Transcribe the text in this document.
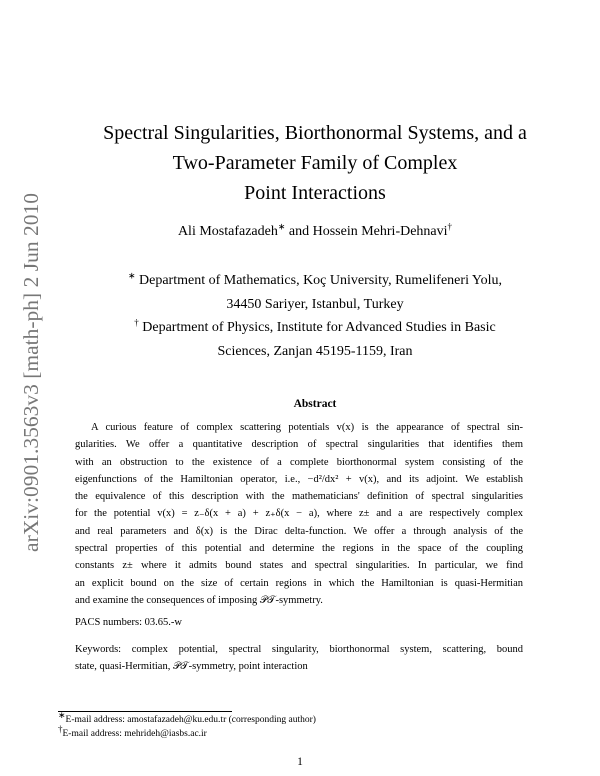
arXiv:0901.3563v3 [math-ph] 2 Jun 2010
Spectral Singularities, Biorthonormal Systems, and a
Two-Parameter Family of Complex
Point Interactions
Ali Mostafazadeh∗ and Hossein Mehri-Dehnavi†
∗ Department of Mathematics, Koç University, Rumelifeneri Yolu,
34450 Sariyer, Istanbul, Turkey
† Department of Physics, Institute for Advanced Studies in Basic
Sciences, Zanjan 45195-1159, Iran
Abstract
A curious feature of complex scattering potentials v(x) is the appearance of spectral sin-
gularities. We offer a quantitative description of spectral singularities that identifies them
with an obstruction to the existence of a complete biorthonormal system consisting of the
eigenfunctions of the Hamiltonian operator, i.e., −d²/dx² + v(x), and its adjoint. We establish
the equivalence of this description with the mathematicians' definition of spectral singularities
for the potential v(x) = z₋δ(x + a) + z₊δ(x − a), where z± and a are respectively complex
and real parameters and δ(x) is the Dirac delta-function. We offer a through analysis of the
spectral properties of this potential and determine the regions in the space of the coupling
constants z± where it admits bound states and spectral singularities. In particular, we find
an explicit bound on the size of certain regions in which the Hamiltonian is quasi-Hermitian
and examine the consequences of imposing 𝒫𝒯-symmetry.
PACS numbers: 03.65.-w
Keywords: complex potential, spectral singularity, biorthonormal system, scattering, bound
state, quasi-Hermitian, 𝒫𝒯-symmetry, point interaction
∗E-mail address: amostafazadeh@ku.edu.tr (corresponding author)
†E-mail address: mehrideh@iasbs.ac.ir
1
